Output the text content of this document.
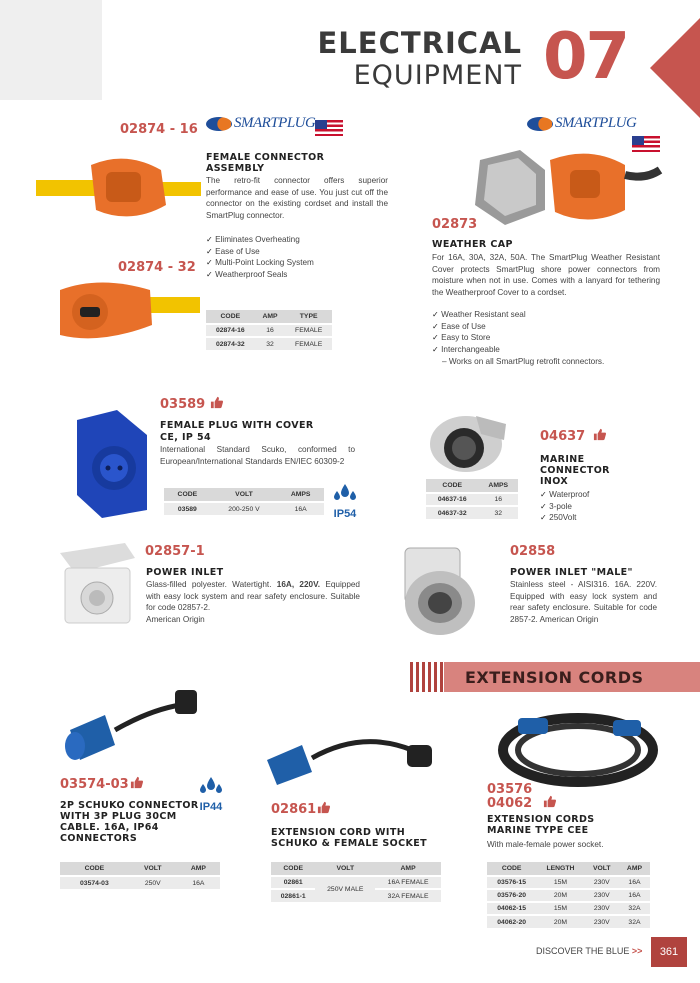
ELECTRICAL
EQUIPMENT 07
02874 - 16
02874 - 32
SMARTPLUG
FEMALE CONNECTOR ASSEMBLY
The retro-fit connector offers superior performance and ease of use. You just cut off the connector on the existing cordset and install the SmartPlug connector.
✓ Eliminates Overheating
✓ Ease of Use
✓ Multi-Point Locking System
✓ Weatherproof Seals
CODE	AMP	TYPE
02874-16	16	FEMALE
02874-32	32	FEMALE
SMARTPLUG
02873
WEATHER CAP
For 16A, 30A, 32A, 50A. The SmartPlug Weather Resistant Cover protects SmartPlug shore power connectors from moisture when not in use. Comes with a lanyard for tethering the Weatherproof Cover to a cordset.
✓ Weather Resistant seal
✓ Ease of Use
✓ Easy to Store
✓ Interchangeable
– Works on all SmartPlug retrofit connectors.
03589
FEMALE PLUG WITH COVER
CE, IP 54
International Standard Scuko, conformed to European/International Standards EN/IEC 60309-2
CODE	VOLT	AMPS
03589	200-250 V	16A	IP54
04637
MARINE CONNECTOR INOX
✓ Waterproof
✓ 3-pole
✓ 250Volt
CODE	AMPS
04637-16	16
04637-32	32
02857-1
POWER INLET
Glass-filled polyester. Watertight. 16A, 220V. Equipped with easy lock system and rear safety enclosure. Suitable for code 02857-2.
American Origin
02858
POWER INLET "MALE"
Stainless steel - AISI316. 16A. 220V. Equipped with easy lock system and rear safety enclosure. Suitable for code 2857-2. American Origin
EXTENSION CORDS
03574-03
IP44
2P SCHUKO CONNECTOR WITH 3P PLUG 30CM CABLE. 16A, IP64 CONNECTORS
CODE	VOLT	AMP
03574-03	250V	16A
02861
EXTENSION CORD WITH SCHUKO & FEMALE SOCKET
CODE	VOLT	AMP
02861	250V MALE	16A FEMALE
02861-1		32A FEMALE
03576
04062
EXTENSION CORDS MARINE TYPE CEE
With male-female power socket.
CODE	LENGTH	VOLT	AMP
03576-15	15M	230V	16A
03576-20	20M	230V	16A
04062-15	15M	230V	32A
04062-20	20M	230V	32A
DISCOVER THE BLUE >>	361
